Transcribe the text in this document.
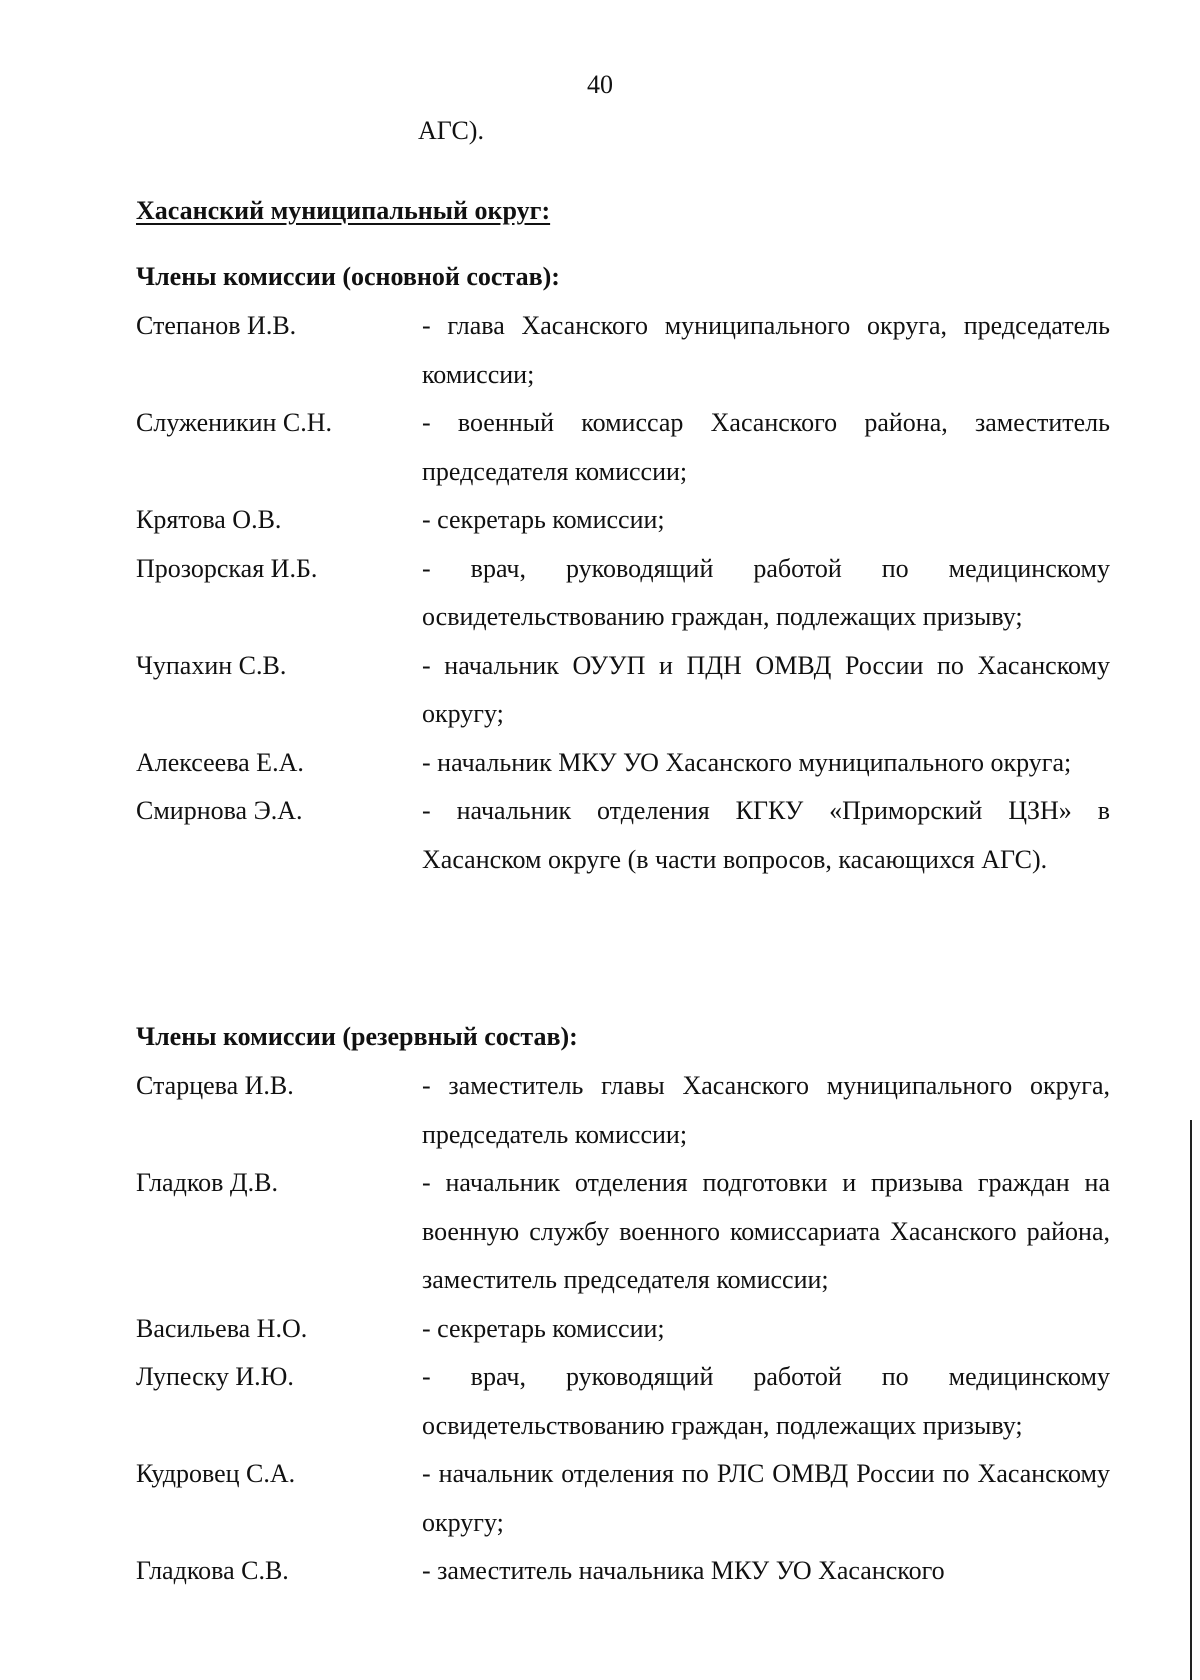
40
АГС).
Хасанский муниципальный округ:
Члены комиссии (основной состав):
Степанов И.В.	- глава Хасанского муниципального округа, председатель комиссии;
Служеникин С.Н.	- военный комиссар Хасанского района, заместитель председателя комиссии;
Крятова О.В.	- секретарь комиссии;
Прозорская И.Б.	- врач, руководящий работой по медицинскому освидетельствованию граждан, подлежащих призыву;
Чупахин С.В.	- начальник ОУУП и ПДН ОМВД России по Хасанскому округу;
Алексеева Е.А.	- начальник МКУ УО Хасанского муниципального округа;
Смирнова Э.А.	- начальник отделения КГКУ «Приморский ЦЗН» в Хасанском округе (в части вопросов, касающихся АГС).
Члены комиссии (резервный состав):
Старцева И.В.	- заместитель главы Хасанского муниципального округа, председатель комиссии;
Гладков Д.В.	- начальник отделения подготовки и призыва граждан на военную службу военного комиссариата Хасанского района, заместитель председателя комиссии;
Васильева Н.О.	- секретарь комиссии;
Лупеску И.Ю.	- врач, руководящий работой по медицинскому освидетельствованию граждан, подлежащих призыву;
Кудровец С.А.	- начальник отделения по РЛС ОМВД России по Хасанскому округу;
Гладкова С.В.	- заместитель начальника МКУ УО Хасанского
